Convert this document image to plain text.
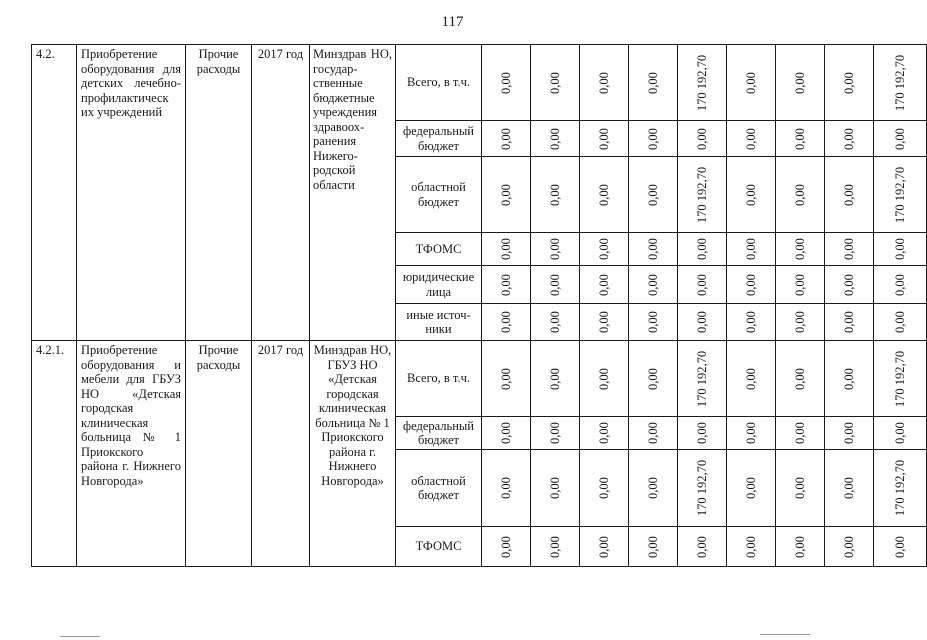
117
4.2.	Приобретение оборудования для детских лечебно-профилактическ их учреждений	Прочие расходы	2017 год	Минздрав НО, государ-ственные бюджетные учреждения здравоох-ранения Нижего-родской области	Всего, в т.ч.	0,00	0,00	0,00	0,00	170 192,70	0,00	0,00	0,00	170 192,70

					федеральный бюджет	0,00	0,00	0,00	0,00	0,00	0,00	0,00	0,00	0,00

					областной бюджет	0,00	0,00	0,00	0,00	170 192,70	0,00	0,00	0,00	170 192,70

					ТФОМС	0,00	0,00	0,00	0,00	0,00	0,00	0,00	0,00	0,00

					юридические лица	0,00	0,00	0,00	0,00	0,00	0,00	0,00	0,00	0,00

					иные источ-ники	0,00	0,00	0,00	0,00	0,00	0,00	0,00	0,00	0,00

4.2.1.	Приобретение оборудования и мебели для ГБУЗ НО «Детская городская клиническая больница № 1 Приокского района г. Нижнего Новгорода»	Прочие расходы	2017 год	Минздрав НО, ГБУЗ НО «Детская городская клиническая больница № 1 Приокского района г. Нижнего Новгорода»	Всего, в т.ч.	0,00	0,00	0,00	0,00	170 192,70	0,00	0,00	0,00	170 192,70

					федеральный бюджет	0,00	0,00	0,00	0,00	0,00	0,00	0,00	0,00	0,00

					областной бюджет	0,00	0,00	0,00	0,00	170 192,70	0,00	0,00	0,00	170 192,70

					ТФОМС	0,00	0,00	0,00	0,00	0,00	0,00	0,00	0,00	0,00
